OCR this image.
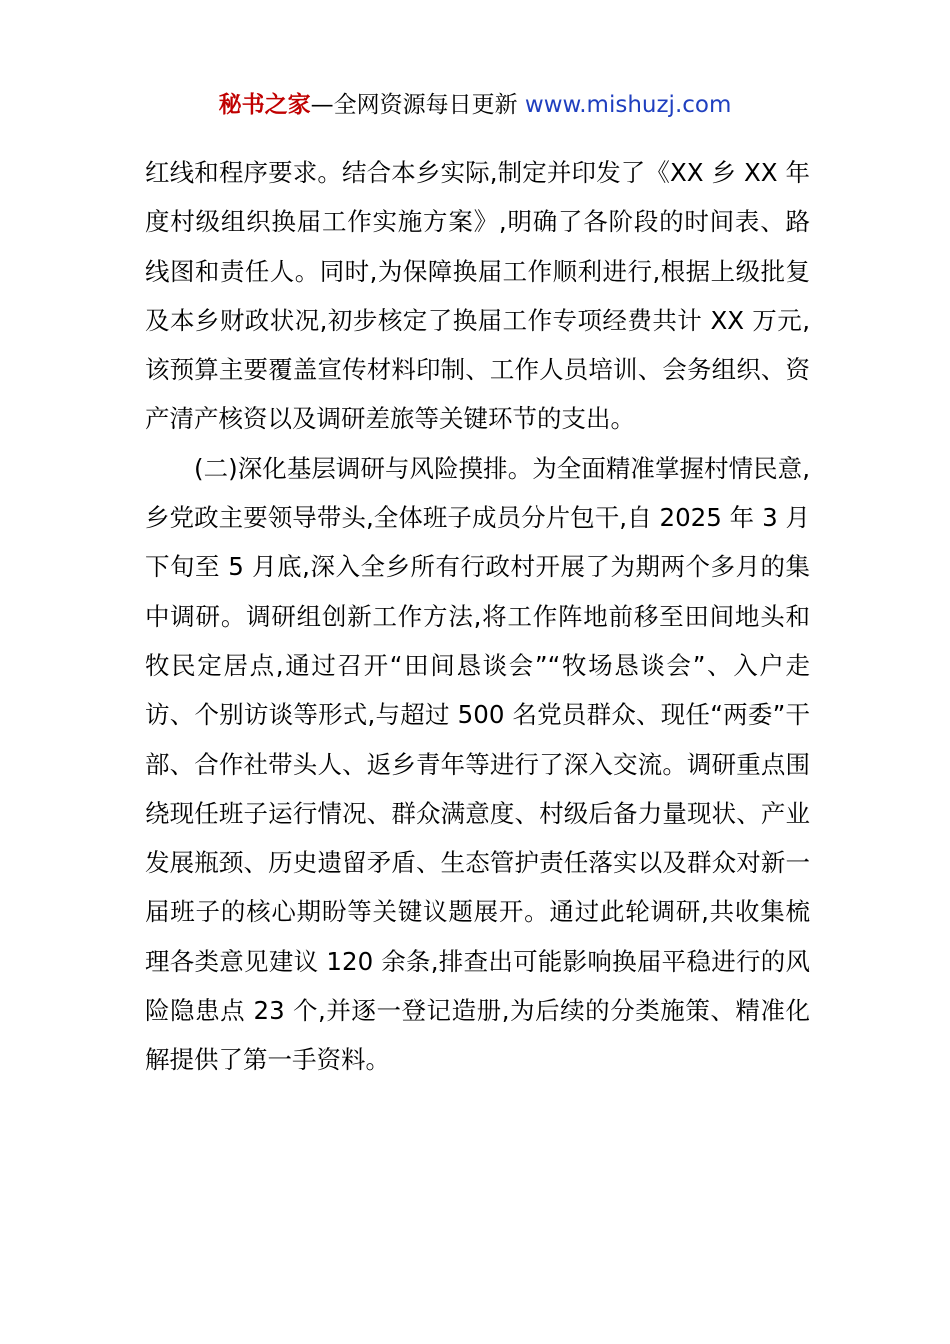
秘书之家—全网资源每日更新 www.mishuzj.com

红线和程序要求。结合本乡实际,制定并印发了《XX 乡 XX 年度村级组织换届工作实施方案》,明确了各阶段的时间表、路线图和责任人。同时,为保障换届工作顺利进行,根据上级批复及本乡财政状况,初步核定了换届工作专项经费共计 XX 万元,该预算主要覆盖宣传材料印制、工作人员培训、会务组织、资产清产核资以及调研差旅等关键环节的支出。

(二)深化基层调研与风险摸排。为全面精准掌握村情民意,乡党政主要领导带头,全体班子成员分片包干,自 2025 年 3 月下旬至 5 月底,深入全乡所有行政村开展了为期两个多月的集中调研。调研组创新工作方法,将工作阵地前移至田间地头和牧民定居点,通过召开“田间恳谈会”“牧场恳谈会”、入户走访、个别访谈等形式,与超过 500 名党员群众、现任“两委”干部、合作社带头人、返乡青年等进行了深入交流。调研重点围绕现任班子运行情况、群众满意度、村级后备力量现状、产业发展瓶颈、历史遗留矛盾、生态管护责任落实以及群众对新一届班子的核心期盼等关键议题展开。通过此轮调研,共收集梳理各类意见建议 120 余条,排查出可能影响换届平稳进行的风险隐患点 23 个,并逐一登记造册,为后续的分类施策、精准化解提供了第一手资料。
